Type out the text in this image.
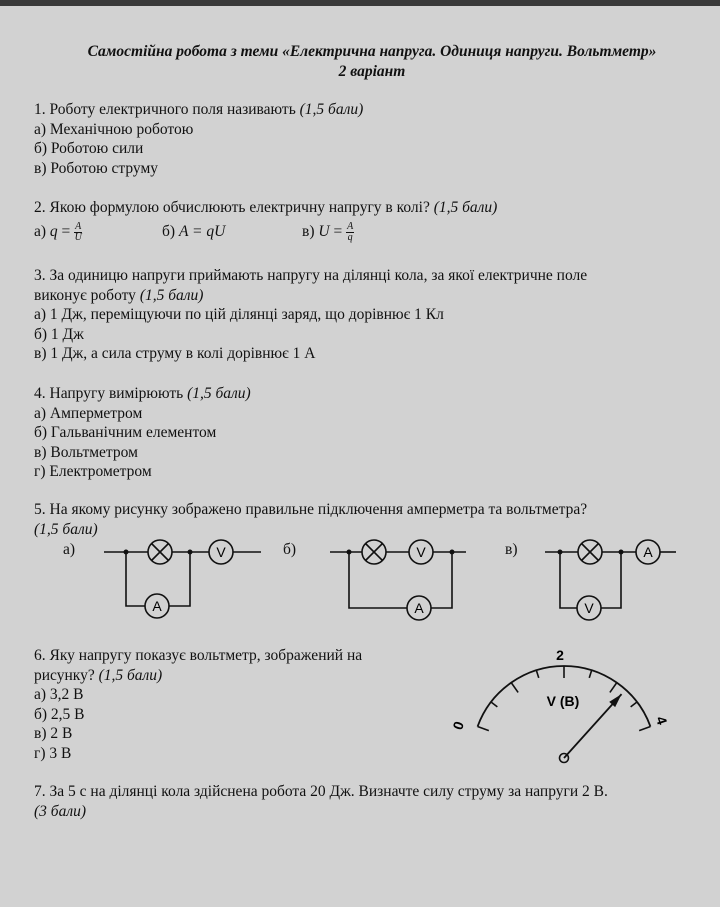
Самостійна робота з теми «Електрична напруга. Одиниця напруги. Вольтметр»
2 варіант
1. Роботу електричного поля називають (1,5 бали)
а) Механічною роботою
б) Роботою сили
в) Роботою струму
2. Якою формулою обчислюють електричну напругу в колі? (1,5 бали)
а) $q = \frac{A}{U}$	б) A = qU	в) $U = \frac{A}{q}$
3. За одиницю напруги приймають напругу на ділянці кола, за якої електричне поле
виконує роботу (1,5 бали)
а) 1 Дж, переміщуючи по цій ділянці заряд, що дорівнює 1 Кл
б) 1 Дж
в) 1 Дж, а сила струму в колі дорівнює 1 А
4. Напругу вимірюють (1,5 бали)
а) Амперметром
б) Гальванічним елементом
в) Вольтметром
г) Електрометром
5. На якому рисунку зображено правильне підключення амперметра та вольтметра?
(1,5 бали)
а)	б)	в)
V
A
V
A
A
V
V (B)
2
0	4
6. Яку напругу показує вольтметр, зображений на
рисунку? (1,5 бали)
а) 3,2 В
б) 2,5 В
в) 2 В
г) 3 В
7. За 5 с на ділянці кола здійснена робота 20 Дж. Визначте силу струму за напруги 2 В.
(3 бали)
